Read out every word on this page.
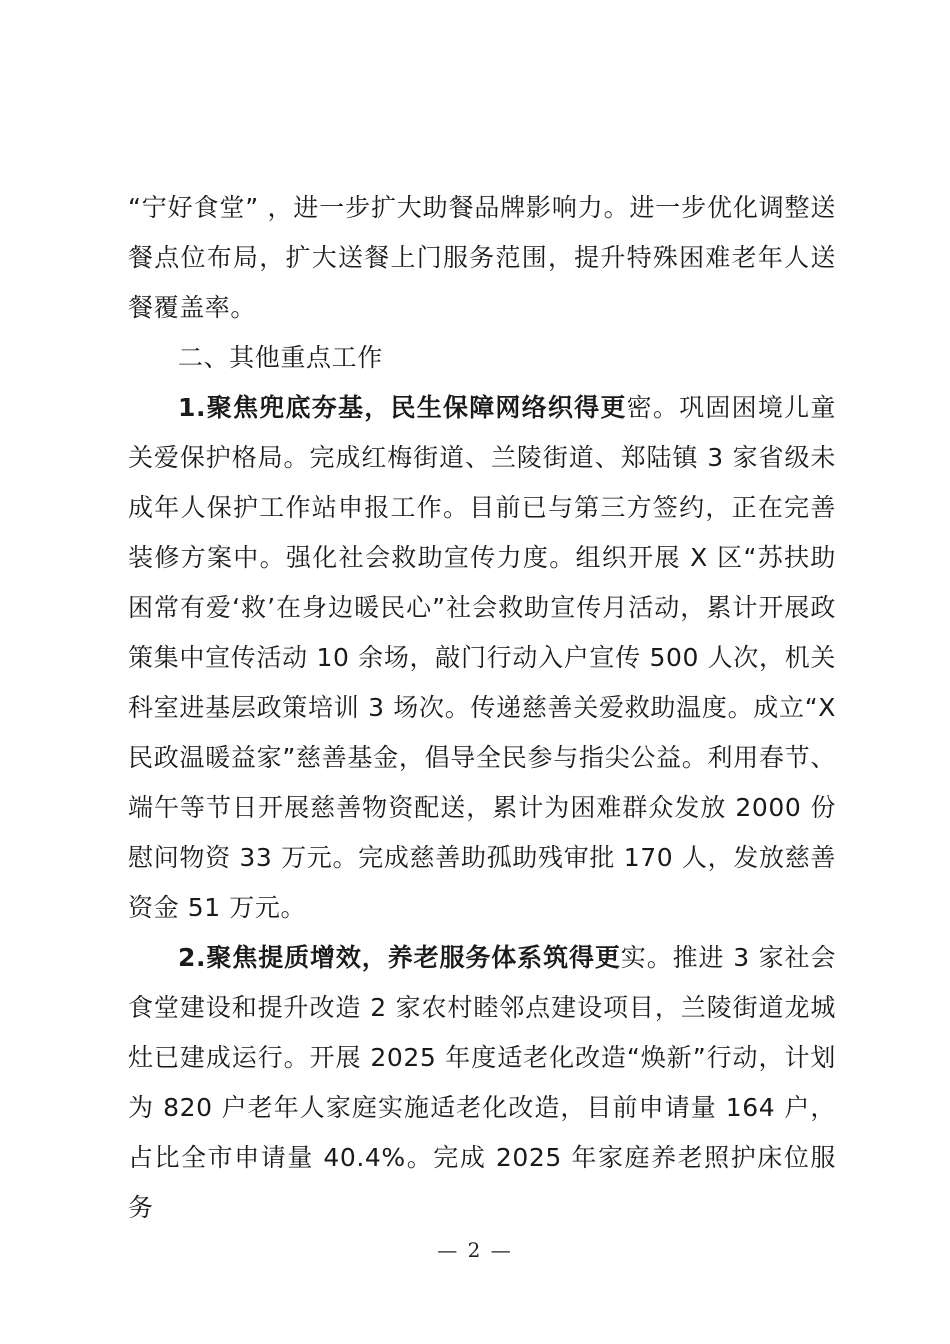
“宁好食堂” ，进一步扩大助餐品牌影响力。进一步优化调整送餐点位布局，扩大送餐上门服务范围，提升特殊困难老年人送餐覆盖率。

二、其他重点工作

1.聚焦兜底夯基，民生保障网络织得更密。巩固困境儿童关爱保护格局。完成红梅街道、兰陵街道、郑陆镇 3 家省级未成年人保护工作站申报工作。目前已与第三方签约，正在完善装修方案中。强化社会救助宣传力度。组织开展 X 区“苏扶助困常有爱‘救’在身边暖民心”社会救助宣传月活动，累计开展政策集中宣传活动 10 余场，敲门行动入户宣传 500 人次，机关科室进基层政策培训 3 场次。传递慈善关爱救助温度。成立“X 民政温暖益家”慈善基金，倡导全民参与指尖公益。利用春节、端午等节日开展慈善物资配送，累计为困难群众发放 2000 份慰问物资 33 万元。完成慈善助孤助残审批 170 人，发放慈善资金 51 万元。

2.聚焦提质增效，养老服务体系筑得更实。推进 3 家社会食堂建设和提升改造 2 家农村睦邻点建设项目，兰陵街道龙城灶已建成运行。开展 2025 年度适老化改造“焕新”行动，计划为 820 户老年人家庭实施适老化改造，目前申请量 164 户，占比全市申请量 40.4%。完成 2025 年家庭养老照护床位服务

— 2 —
